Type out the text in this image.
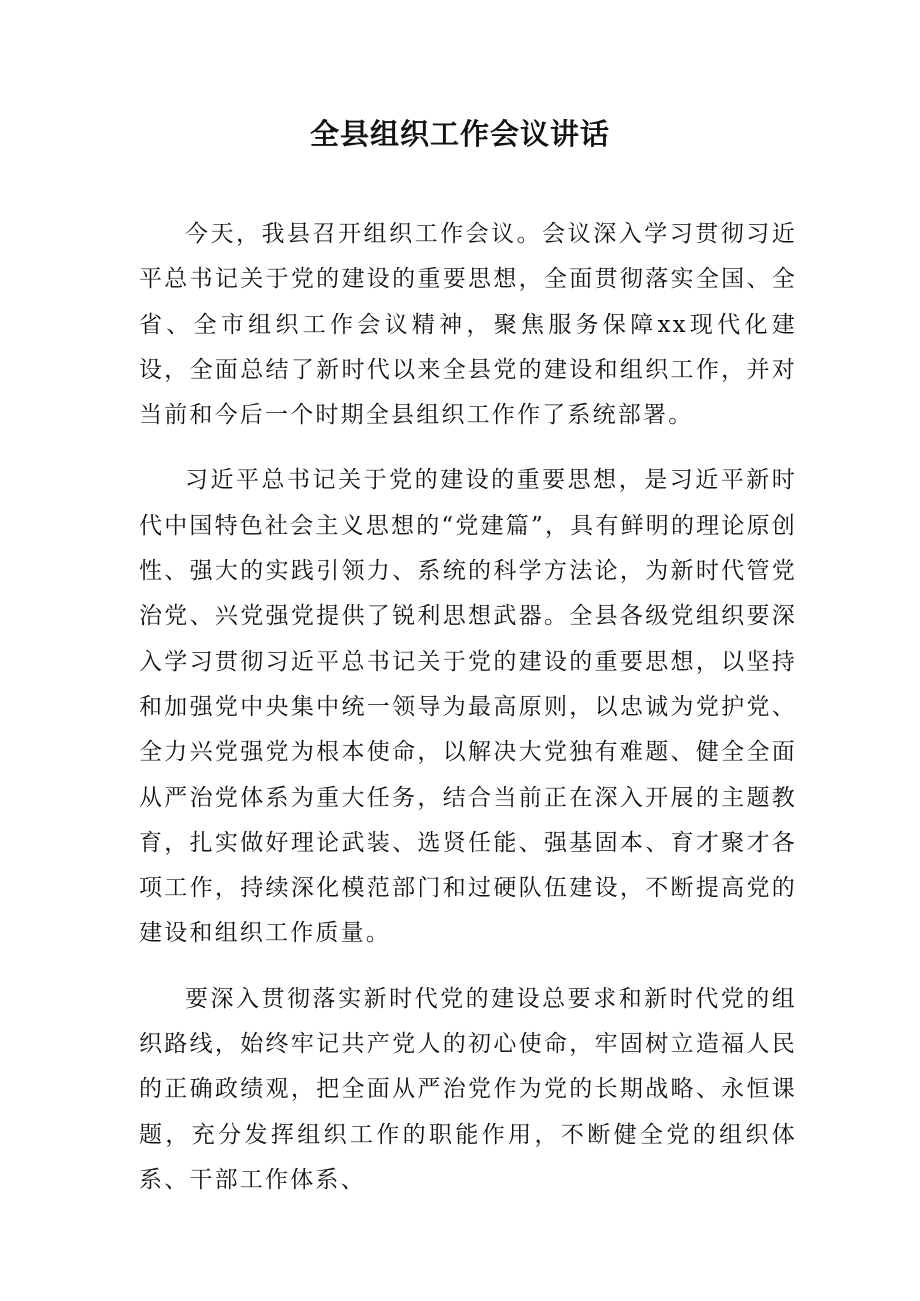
全县组织工作会议讲话

今天，我县召开组织工作会议。会议深入学习贯彻习近平总书记关于党的建设的重要思想，全面贯彻落实全国、全省、全市组织工作会议精神，聚焦服务保障xx现代化建设，全面总结了新时代以来全县党的建设和组织工作，并对当前和今后一个时期全县组织工作作了系统部署。

习近平总书记关于党的建设的重要思想，是习近平新时代中国特色社会主义思想的“党建篇”，具有鲜明的理论原创性、强大的实践引领力、系统的科学方法论，为新时代管党治党、兴党强党提供了锐利思想武器。全县各级党组织要深入学习贯彻习近平总书记关于党的建设的重要思想，以坚持和加强党中央集中统一领导为最高原则，以忠诚为党护党、全力兴党强党为根本使命，以解决大党独有难题、健全全面从严治党体系为重大任务，结合当前正在深入开展的主题教育，扎实做好理论武装、选贤任能、强基固本、育才聚才各项工作，持续深化模范部门和过硬队伍建设，不断提高党的建设和组织工作质量。

要深入贯彻落实新时代党的建设总要求和新时代党的组织路线，始终牢记共产党人的初心使命，牢固树立造福人民的正确政绩观，把全面从严治党作为党的长期战略、永恒课题，充分发挥组织工作的职能作用，不断健全党的组织体系、干部工作体系、
